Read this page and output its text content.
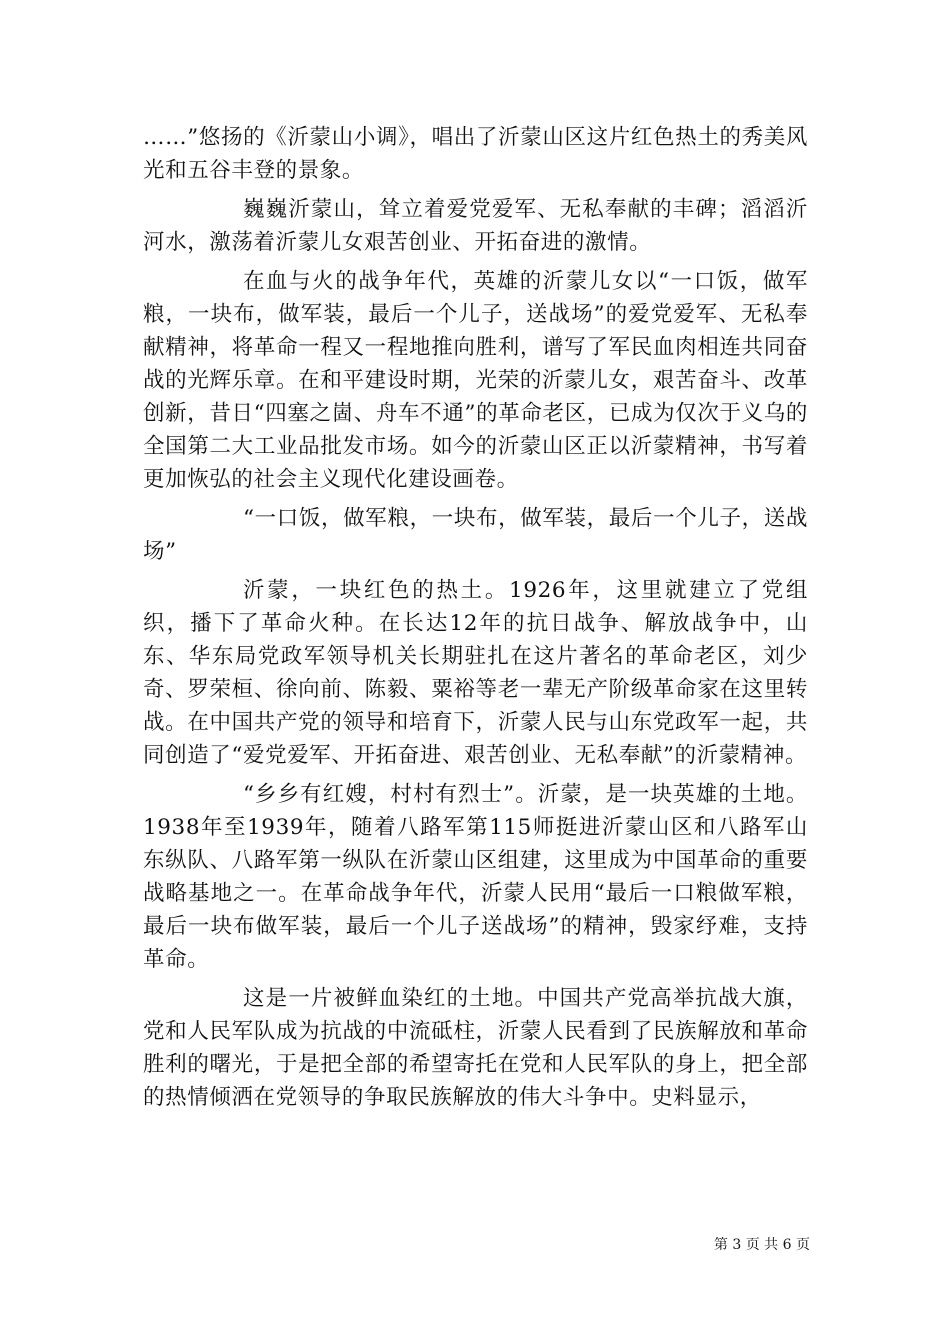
……”悠扬的《沂蒙山小调》，唱出了沂蒙山区这片红色热土的秀美风光和五谷丰登的景象。

巍巍沂蒙山，耸立着爱党爱军、无私奉献的丰碑；滔滔沂河水，激荡着沂蒙儿女艰苦创业、开拓奋进的激情。

在血与火的战争年代，英雄的沂蒙儿女以“一口饭，做军粮，一块布，做军装，最后一个儿子，送战场”的爱党爱军、无私奉献精神，将革命一程又一程地推向胜利，谱写了军民血肉相连共同奋战的光辉乐章。在和平建设时期，光荣的沂蒙儿女，艰苦奋斗、改革创新，昔日“四塞之崮、舟车不通”的革命老区，已成为仅次于义乌的全国第二大工业品批发市场。如今的沂蒙山区正以沂蒙精神，书写着更加恢弘的社会主义现代化建设画卷。

“一口饭，做军粮，一块布，做军装，最后一个儿子，送战场”

沂蒙，一块红色的热土。1926年，这里就建立了党组织，播下了革命火种。在长达12年的抗日战争、解放战争中，山东、华东局党政军领导机关长期驻扎在这片著名的革命老区，刘少奇、罗荣桓、徐向前、陈毅、粟裕等老一辈无产阶级革命家在这里转战。在中国共产党的领导和培育下，沂蒙人民与山东党政军一起，共同创造了“爱党爱军、开拓奋进、艰苦创业、无私奉献”的沂蒙精神。

“乡乡有红嫂，村村有烈士”。沂蒙，是一块英雄的土地。1938年至1939年，随着八路军第115师挺进沂蒙山区和八路军山东纵队、八路军第一纵队在沂蒙山区组建，这里成为中国革命的重要战略基地之一。在革命战争年代，沂蒙人民用“最后一口粮做军粮，最后一块布做军装，最后一个儿子送战场”的精神，毁家纾难，支持革命。

这是一片被鲜血染红的土地。中国共产党高举抗战大旗，党和人民军队成为抗战的中流砥柱，沂蒙人民看到了民族解放和革命胜利的曙光，于是把全部的希望寄托在党和人民军队的身上，把全部的热情倾洒在党领导的争取民族解放的伟大斗争中。史料显示，

第 3 页 共 6 页
